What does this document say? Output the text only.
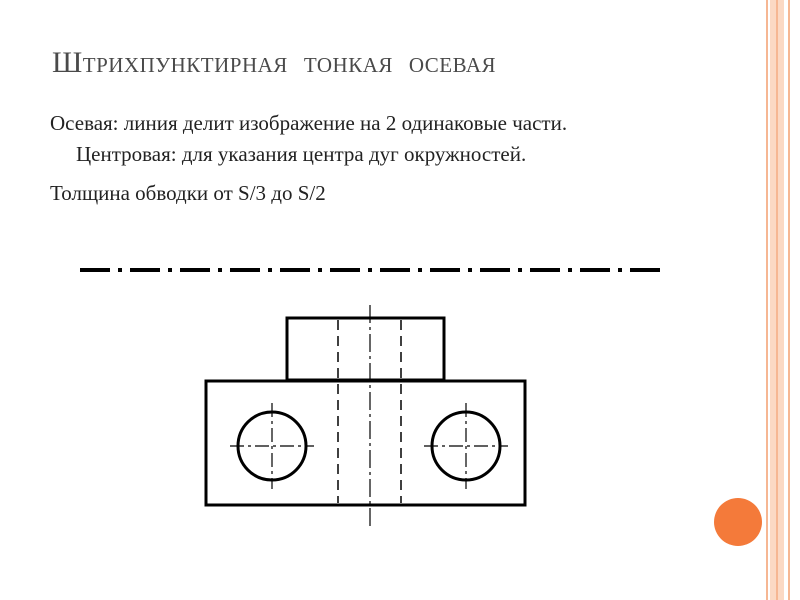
Штрихпунктирная  тонкая  осевая
Осевая: линия делит изображение на 2 одинаковые части. Центровая: для указания центра дуг окружностей.
Толщина обводки от S/3 до S/2
